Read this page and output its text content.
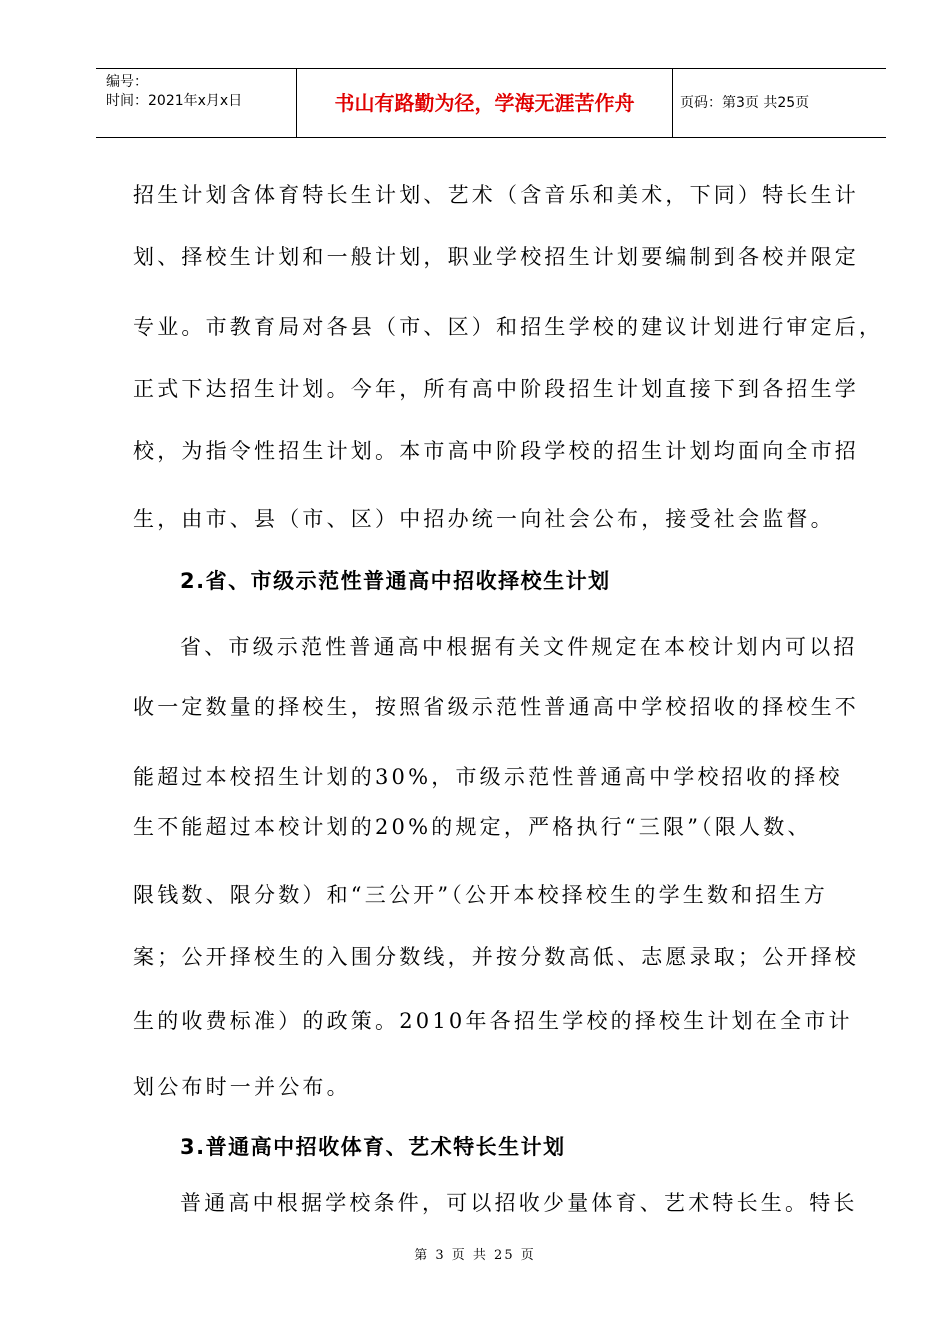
编号：
时间：2021年x月x日	书山有路勤为径，学海无涯苦作舟	页码：第3页 共25页
招生计划含体育特长生计划、艺术（含音乐和美术，下同）特长生计
划、择校生计划和一般计划，职业学校招生计划要编制到各校并限定
专业。市教育局对各县（市、区）和招生学校的建议计划进行审定后，
正式下达招生计划。今年，所有高中阶段招生计划直接下到各招生学
校，为指令性招生计划。本市高中阶段学校的招生计划均面向全市招
生，由市、县（市、区）中招办统一向社会公布，接受社会监督。
2.省、市级示范性普通高中招收择校生计划
省、市级示范性普通高中根据有关文件规定在本校计划内可以招
收一定数量的择校生，按照省级示范性普通高中学校招收的择校生不
能超过本校招生计划的30%，市级示范性普通高中学校招收的择校
生不能超过本校计划的20%的规定，严格执行“三限”（限人数、
限钱数、限分数）和“三公开”（公开本校择校生的学生数和招生方
案；公开择校生的入围分数线，并按分数高低、志愿录取；公开择校
生的收费标准）的政策。2010年各招生学校的择校生计划在全市计
划公布时一并公布。
3.普通高中招收体育、艺术特长生计划
普通高中根据学校条件，可以招收少量体育、艺术特长生。特长
第 3 页 共 25 页
